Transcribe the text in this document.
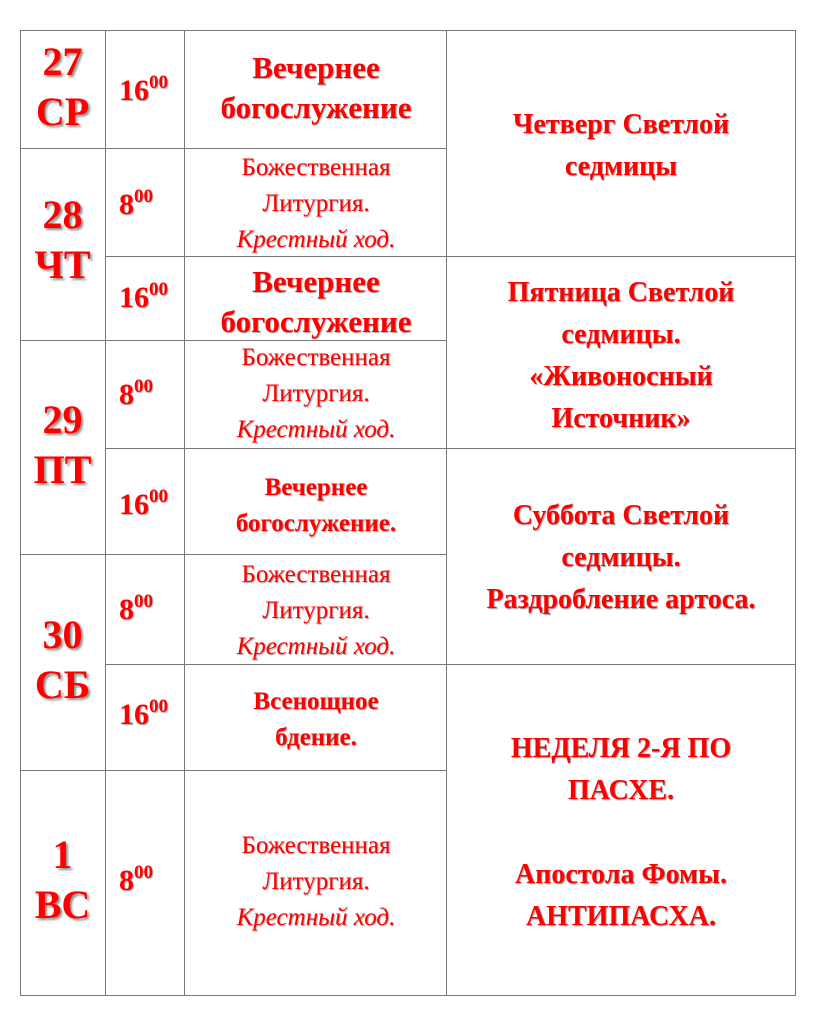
27
СР
28
ЧТ
29
ПТ
30
СБ
1
ВС
$16^{00}$
$8^{00}$
$16^{00}$
$8^{00}$
$16^{00}$
$8^{00}$
$16^{00}$
$8^{00}$
Вечернее
богослужение
Божественная
Литургия.
Крестный ход.
Вечернее
богослужение
Божественная
Литургия.
Крестный ход.
Вечернее
богослужение.
Божественная
Литургия.
Крестный ход.
Всенощное
бдение.
Божественная
Литургия.
Крестный ход.
Четверг Светлой
седмицы
Пятница Светлой
седмицы.
«Живоносный
Источник»
Суббота Светлой
седмицы.
Раздробление артоса.
НЕДЕЛЯ 2-Я ПО
ПАСХЕ.
Апостола Фомы.
АНТИПАСХА.
